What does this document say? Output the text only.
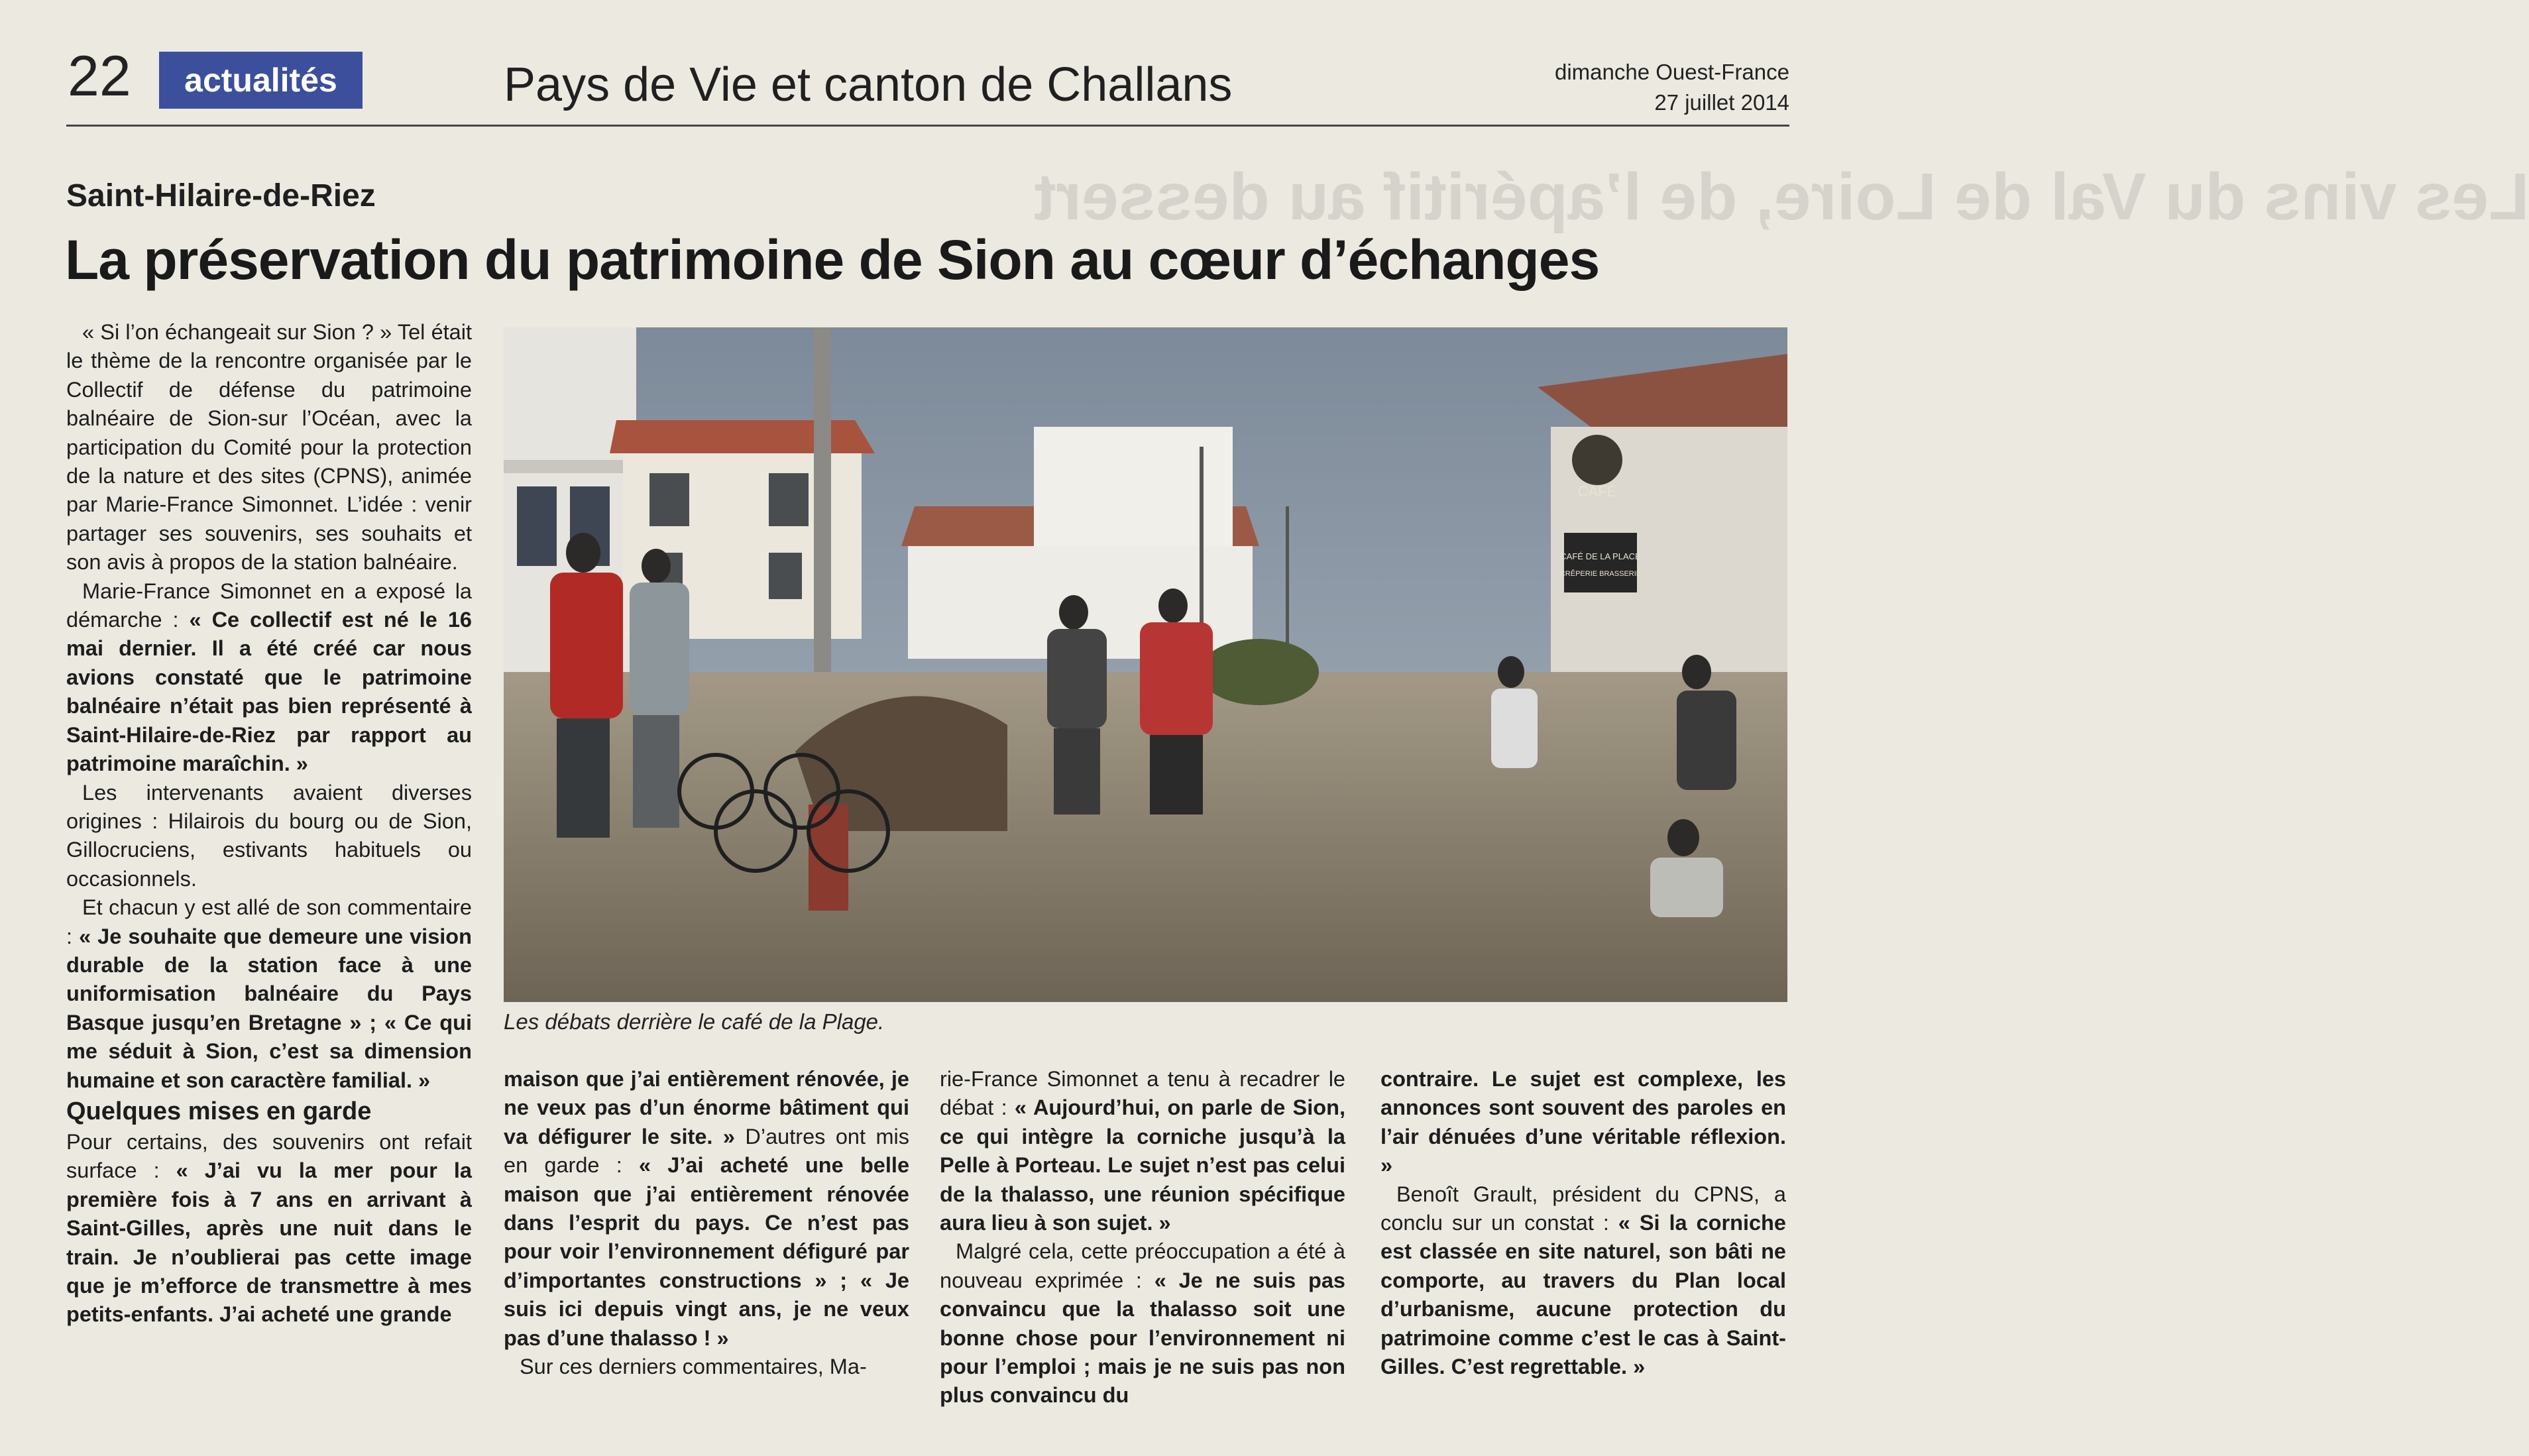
Les vins du Val de Loire, de l’apéritif au dessert
22	actualités	Pays de Vie et canton de Challans	dimanche Ouest-France
27 juillet 2014
Saint-Hilaire-de-Riez
La préservation du patrimoine de Sion au cœur d’échanges

« Si l’on échangeait sur Sion ? » Tel était le thème de la rencontre organisée par le Collectif de défense du patrimoine balnéaire de Sion-sur l’Océan, avec la participation du Comité pour la protection de la nature et des sites (CPNS), animée par Marie-France Simonnet. L’idée : venir partager ses souvenirs, ses souhaits et son avis à propos de la station balnéaire.

Marie-France Simonnet en a exposé la démarche : « Ce collectif est né le 16 mai dernier. Il a été créé car nous avions constaté que le patrimoine balnéaire n’était pas bien représenté à Saint-Hilaire-de-Riez par rapport au patrimoine maraîchin. »

Les intervenants avaient diverses origines : Hilairois du bourg ou de Sion, Gillocruciens, estivants habituels ou occasionnels.

Et chacun y est allé de son commentaire : « Je souhaite que demeure une vision durable de la station face à une uniformisation balnéaire du Pays Basque jusqu’en Bretagne » ; « Ce qui me séduit à Sion, c’est sa dimension humaine et son caractère familial. »

Quelques mises en garde

Pour certains, des souvenirs ont refait surface : « J’ai vu la mer pour la première fois à 7 ans en arrivant à Saint-Gilles, après une nuit dans le train. Je n’oublierai pas cette image que je m’efforce de transmettre à mes petits-enfants. J’ai acheté une grande

CAFÉ
CAFÉ DE LA PLACE
CRÊPERIE BRASSERIE
Les débats derrière le café de la Plage.

maison que j’ai entièrement rénovée, je ne veux pas d’un énorme bâtiment qui va défigurer le site. » D’autres ont mis en garde : « J’ai acheté une belle maison que j’ai entièrement rénovée dans l’esprit du pays. Ce n’est pas pour voir l’environnement défiguré par d’importantes constructions » ; « Je suis ici depuis vingt ans, je ne veux pas d’une thalasso ! »

Sur ces derniers commentaires, Ma-

rie-France Simonnet a tenu à recadrer le débat : « Aujourd’hui, on parle de Sion, ce qui intègre la corniche jusqu’à la Pelle à Porteau. Le sujet n’est pas celui de la thalasso, une réunion spécifique aura lieu à son sujet. »

Malgré cela, cette préoccupation a été à nouveau exprimée : « Je ne suis pas convaincu que la thalasso soit une bonne chose pour l’environnement ni pour l’emploi ; mais je ne suis pas non plus convaincu du

contraire. Le sujet est complexe, les annonces sont souvent des paroles en l’air dénuées d’une véritable réflexion. »

Benoît Grault, président du CPNS, a conclu sur un constat : « Si la corniche est classée en site naturel, son bâti ne comporte, au travers du Plan local d’urbanisme, aucune protection du patrimoine comme c’est le cas à Saint-Gilles. C’est regrettable. »
